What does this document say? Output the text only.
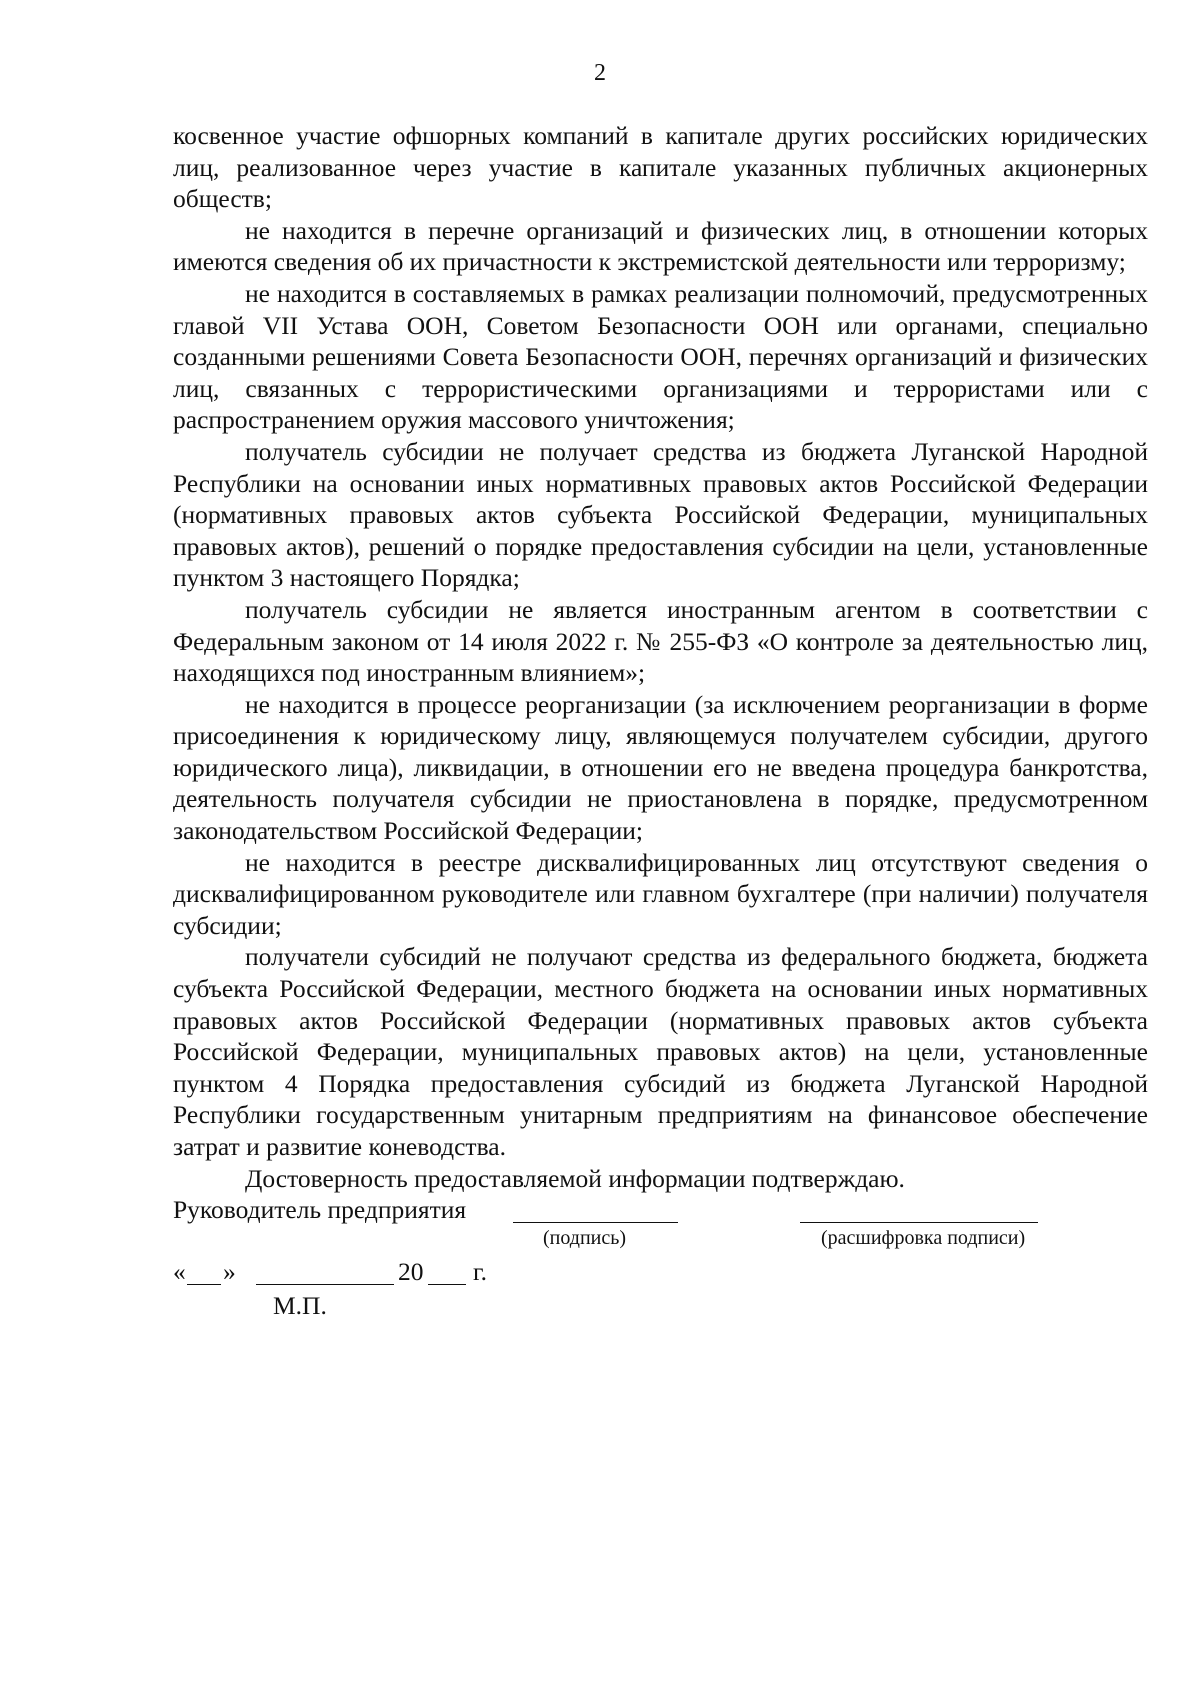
2

косвенное участие офшорных компаний в капитале других российских юридических лиц, реализованное через участие в капитале указанных публичных акционерных обществ;

не находится в перечне организаций и физических лиц, в отношении которых имеются сведения об их причастности к экстремистской деятельности или терроризму;

не находится в составляемых в рамках реализации полномочий, предусмотренных главой VII Устава ООН, Советом Безопасности ООН или органами, специально созданными решениями Совета Безопасности ООН, перечнях организаций и физических лиц, связанных с террористическими организациями и террористами или с распространением оружия массового уничтожения;

получатель субсидии не получает средства из бюджета Луганской Народной Республики на основании иных нормативных правовых актов Российской Федерации (нормативных правовых актов субъекта Российской Федерации, муниципальных правовых актов), решений о порядке предоставления субсидии на цели, установленные пунктом 3 настоящего Порядка;

получатель субсидии не является иностранным агентом в соответствии с Федеральным законом от 14 июля 2022 г. № 255-ФЗ «О контроле за деятельностью лиц, находящихся под иностранным влиянием»;

не находится в процессе реорганизации (за исключением реорганизации в форме присоединения к юридическому лицу, являющемуся получателем субсидии, другого юридического лица), ликвидации, в отношении его не введена процедура банкротства, деятельность получателя субсидии не приостановлена в порядке, предусмотренном законодательством Российской Федерации;

не находится в реестре дисквалифицированных лиц отсутствуют сведения о дисквалифицированном руководителе или главном бухгалтере (при наличии) получателя субсидии;

получатели субсидий не получают средства из федерального бюджета, бюджета субъекта Российской Федерации, местного бюджета на основании иных нормативных правовых актов Российской Федерации (нормативных правовых актов субъекта Российской Федерации, муниципальных правовых актов) на цели, установленные пунктом 4 Порядка предоставления субсидий из бюджета Луганской Народной Республики государственным унитарным предприятиям на финансовое обеспечение затрат и развитие коневодства.

Достоверность предоставляемой информации подтверждаю.

Руководитель предприятия
(подпись)	(расшифровка подписи)
« »	20 г.
М.П.
